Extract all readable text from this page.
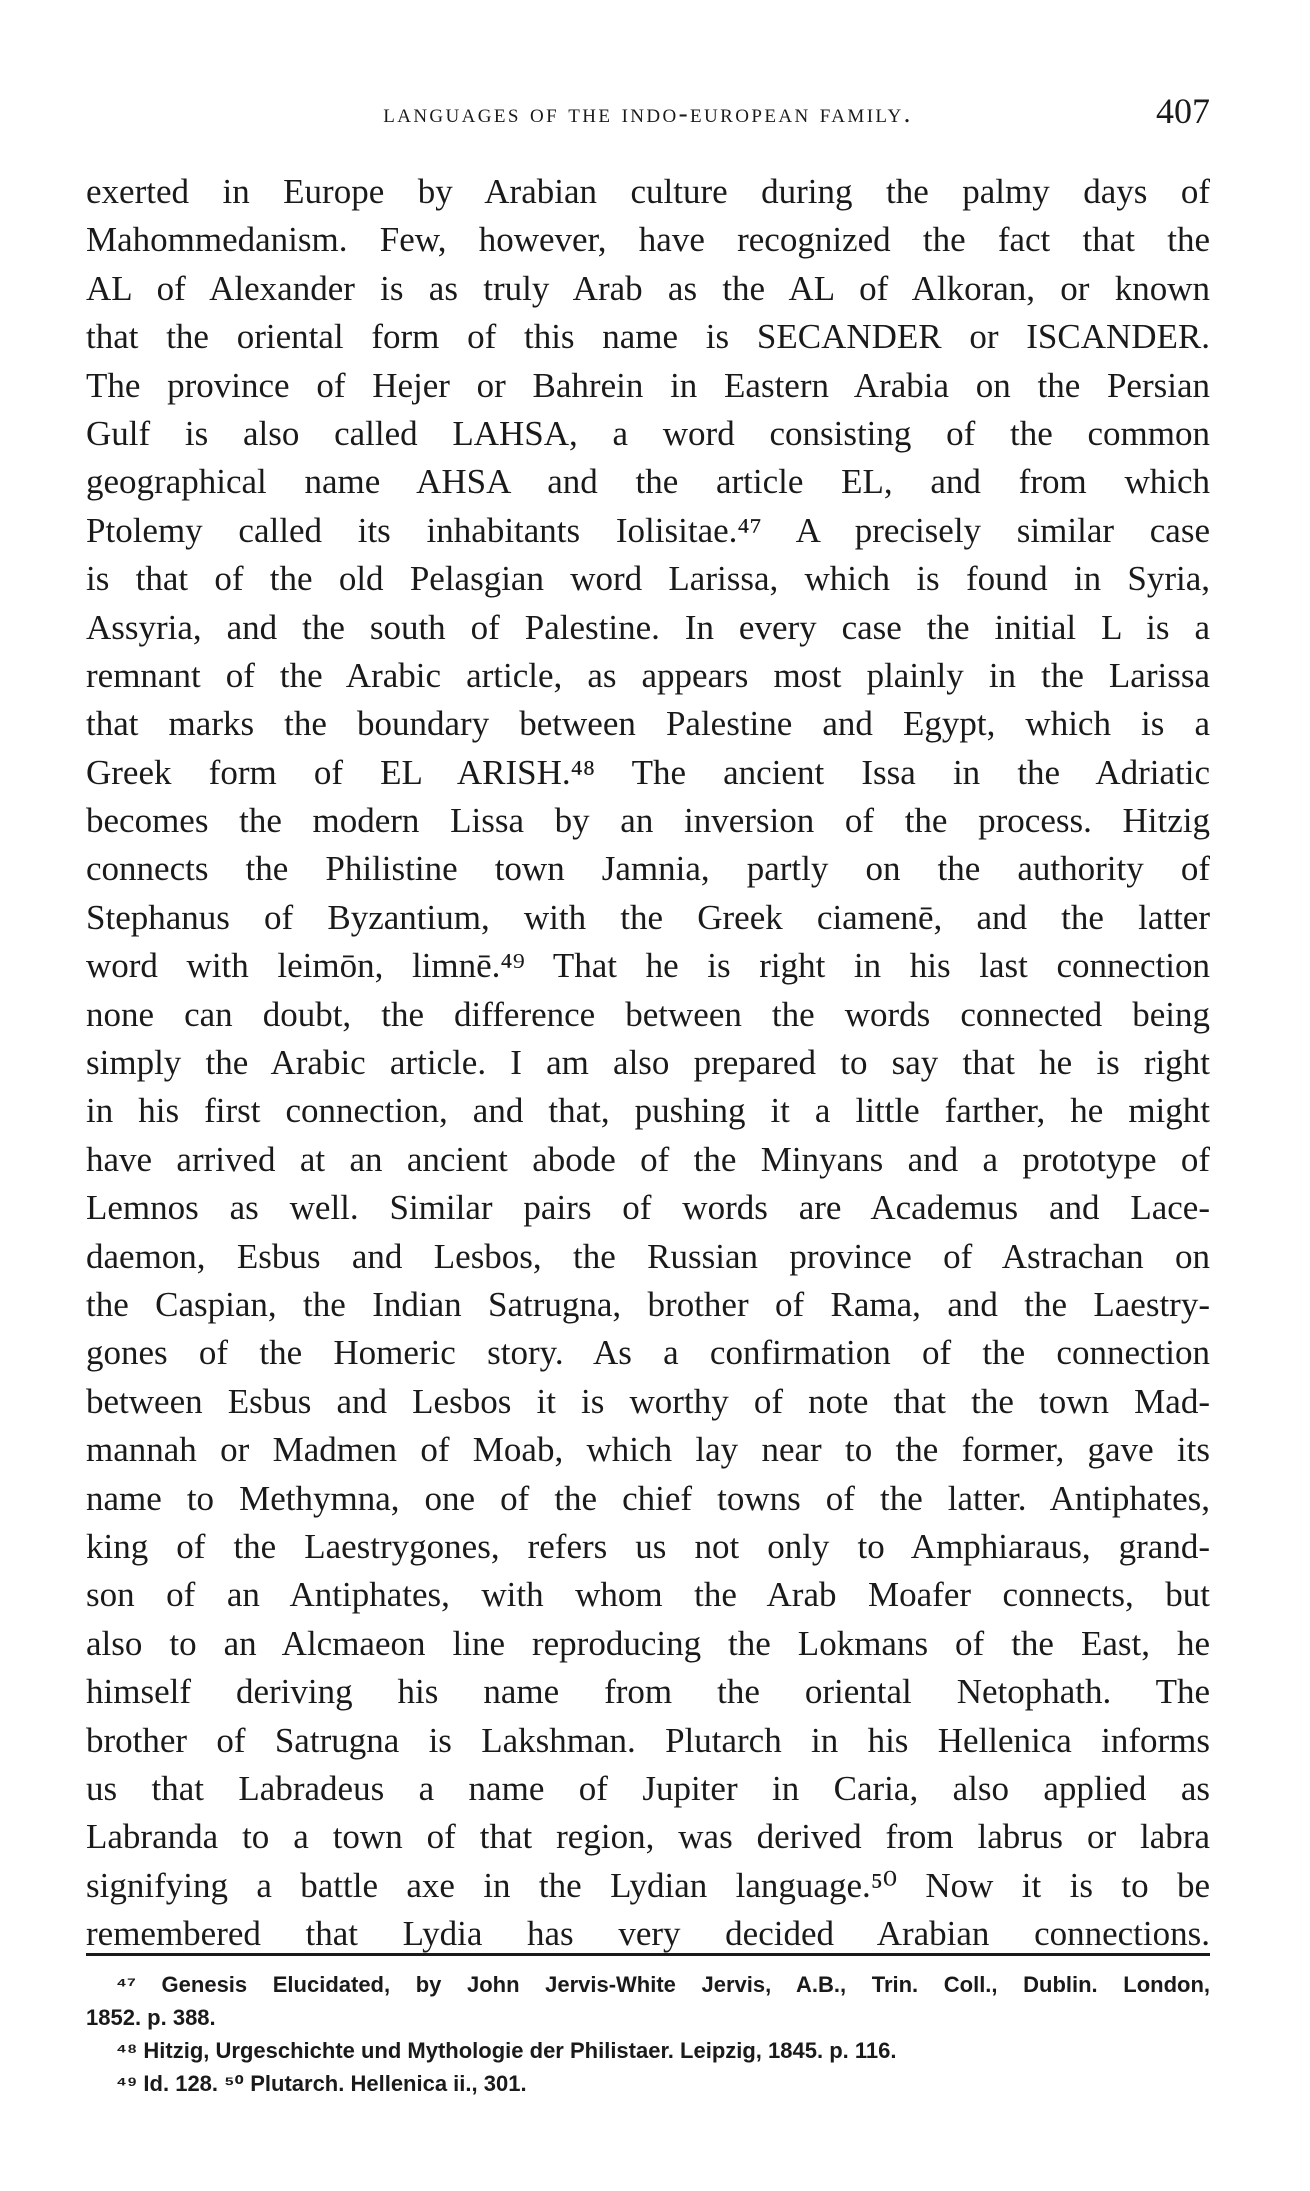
languages of the indo-european family.	407
exerted in Europe by Arabian culture during the palmy days of
Mahommedanism. Few, however, have recognized the fact that the
AL of Alexander is as truly Arab as the AL of Alkoran, or known
that the oriental form of this name is SECANDER or ISCANDER.
The province of Hejer or Bahrein in Eastern Arabia on the Persian
Gulf is also called LAHSA, a word consisting of the common
geographical name AHSA and the article EL, and from which
Ptolemy called its inhabitants Iolisitae.⁴⁷ A precisely similar case
is that of the old Pelasgian word Larissa, which is found in Syria,
Assyria, and the south of Palestine. In every case the initial L is a
remnant of the Arabic article, as appears most plainly in the Larissa
that marks the boundary between Palestine and Egypt, which is a
Greek form of EL ARISH.⁴⁸ The ancient Issa in the Adriatic
becomes the modern Lissa by an inversion of the process. Hitzig
connects the Philistine town Jamnia, partly on the authority of
Stephanus of Byzantium, with the Greek ciamenē, and the latter
word with leimōn, limnē.⁴⁹ That he is right in his last connection
none can doubt, the difference between the words connected being
simply the Arabic article. I am also prepared to say that he is right
in his first connection, and that, pushing it a little farther, he might
have arrived at an ancient abode of the Minyans and a prototype of
Lemnos as well. Similar pairs of words are Academus and Lace-
daemon, Esbus and Lesbos, the Russian province of Astrachan on
the Caspian, the Indian Satrugna, brother of Rama, and the Laestry-
gones of the Homeric story. As a confirmation of the connection
between Esbus and Lesbos it is worthy of note that the town Mad-
mannah or Madmen of Moab, which lay near to the former, gave its
name to Methymna, one of the chief towns of the latter. Antiphates,
king of the Laestrygones, refers us not only to Amphiaraus, grand-
son of an Antiphates, with whom the Arab Moafer connects, but
also to an Alcmaeon line reproducing the Lokmans of the East, he
himself deriving his name from the oriental Netophath. The
brother of Satrugna is Lakshman. Plutarch in his Hellenica informs
us that Labradeus a name of Jupiter in Caria, also applied as
Labranda to a town of that region, was derived from labrus or labra
signifying a battle axe in the Lydian language.⁵⁰ Now it is to be
remembered that Lydia has very decided Arabian connections.
⁴⁷ Genesis Elucidated, by John Jervis-White Jervis, A.B., Trin. Coll., Dublin. London,
1852. p. 388.
⁴⁸ Hitzig, Urgeschichte und Mythologie der Philistaer. Leipzig, 1845. p. 116.
⁴⁹ Id. 128. ⁵⁰ Plutarch. Hellenica ii., 301.
